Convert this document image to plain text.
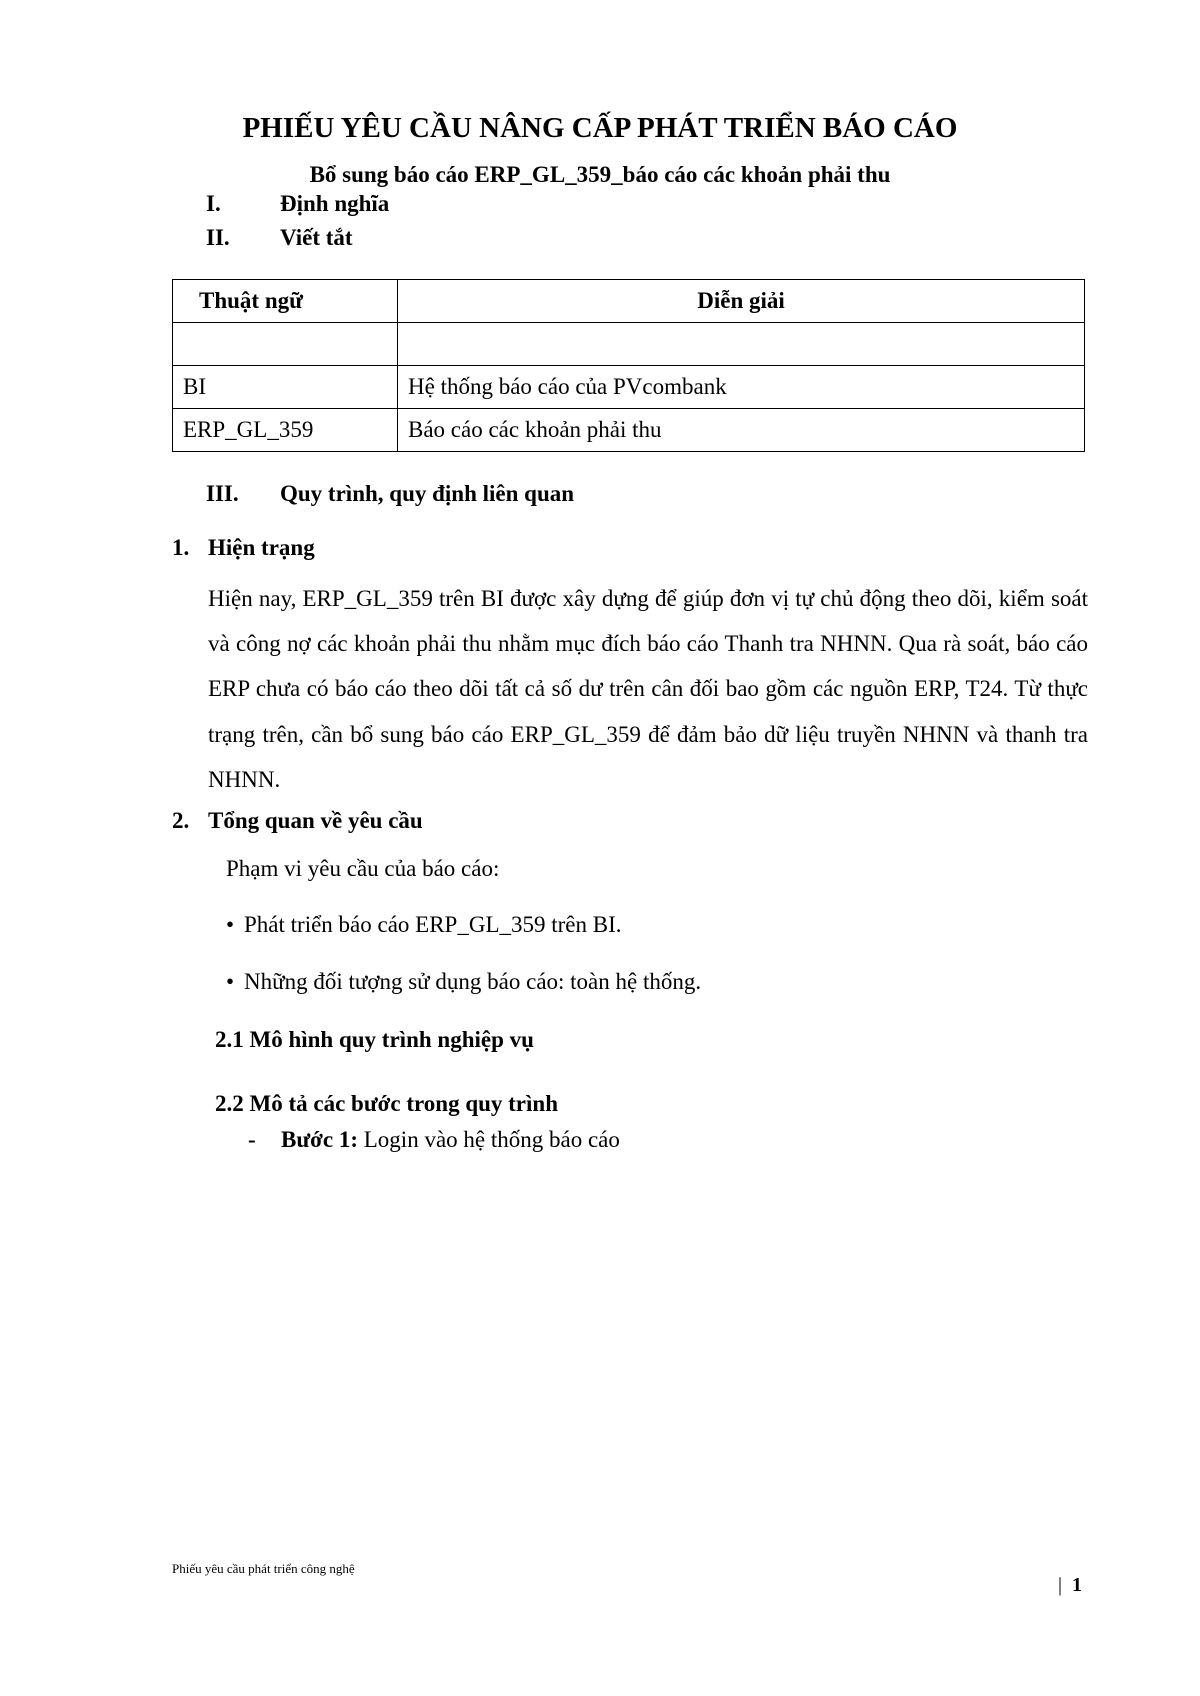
PHIẾU YÊU CẦU NÂNG CẤP PHÁT TRIỂN BÁO CÁO
Bổ sung báo cáo ERP_GL_359_báo cáo các khoản phải thu
I.	Định nghĩa
II. Viết tắt
Thuật ngữ	Diễn giải

BI	Hệ thống báo cáo của PVcombank
ERP_GL_359	Báo cáo các khoản phải thu
III. Quy trình, quy định liên quan
1. Hiện trạng
Hiện nay, ERP_GL_359 trên BI được xây dựng để giúp đơn vị tự chủ động theo dõi, kiểm soát và công nợ các khoản phải thu nhằm mục đích báo cáo Thanh tra NHNN. Qua rà soát, báo cáo ERP chưa có báo cáo theo dõi tất cả số dư trên cân đối bao gồm các nguồn ERP, T24. Từ thực trạng trên, cần bổ sung báo cáo ERP_GL_359 để đảm bảo dữ liệu truyền NHNN và thanh tra NHNN.
2. Tổng quan về yêu cầu
Phạm vi yêu cầu của báo cáo:
• Phát triển báo cáo ERP_GL_359 trên BI.
• Những đối tượng sử dụng báo cáo: toàn hệ thống.
2.1 Mô hình quy trình nghiệp vụ
2.2 Mô tả các bước trong quy trình
- Bước 1: Login vào hệ thống báo cáo
Phiếu yêu cầu phát triển công nghệ
| 1
